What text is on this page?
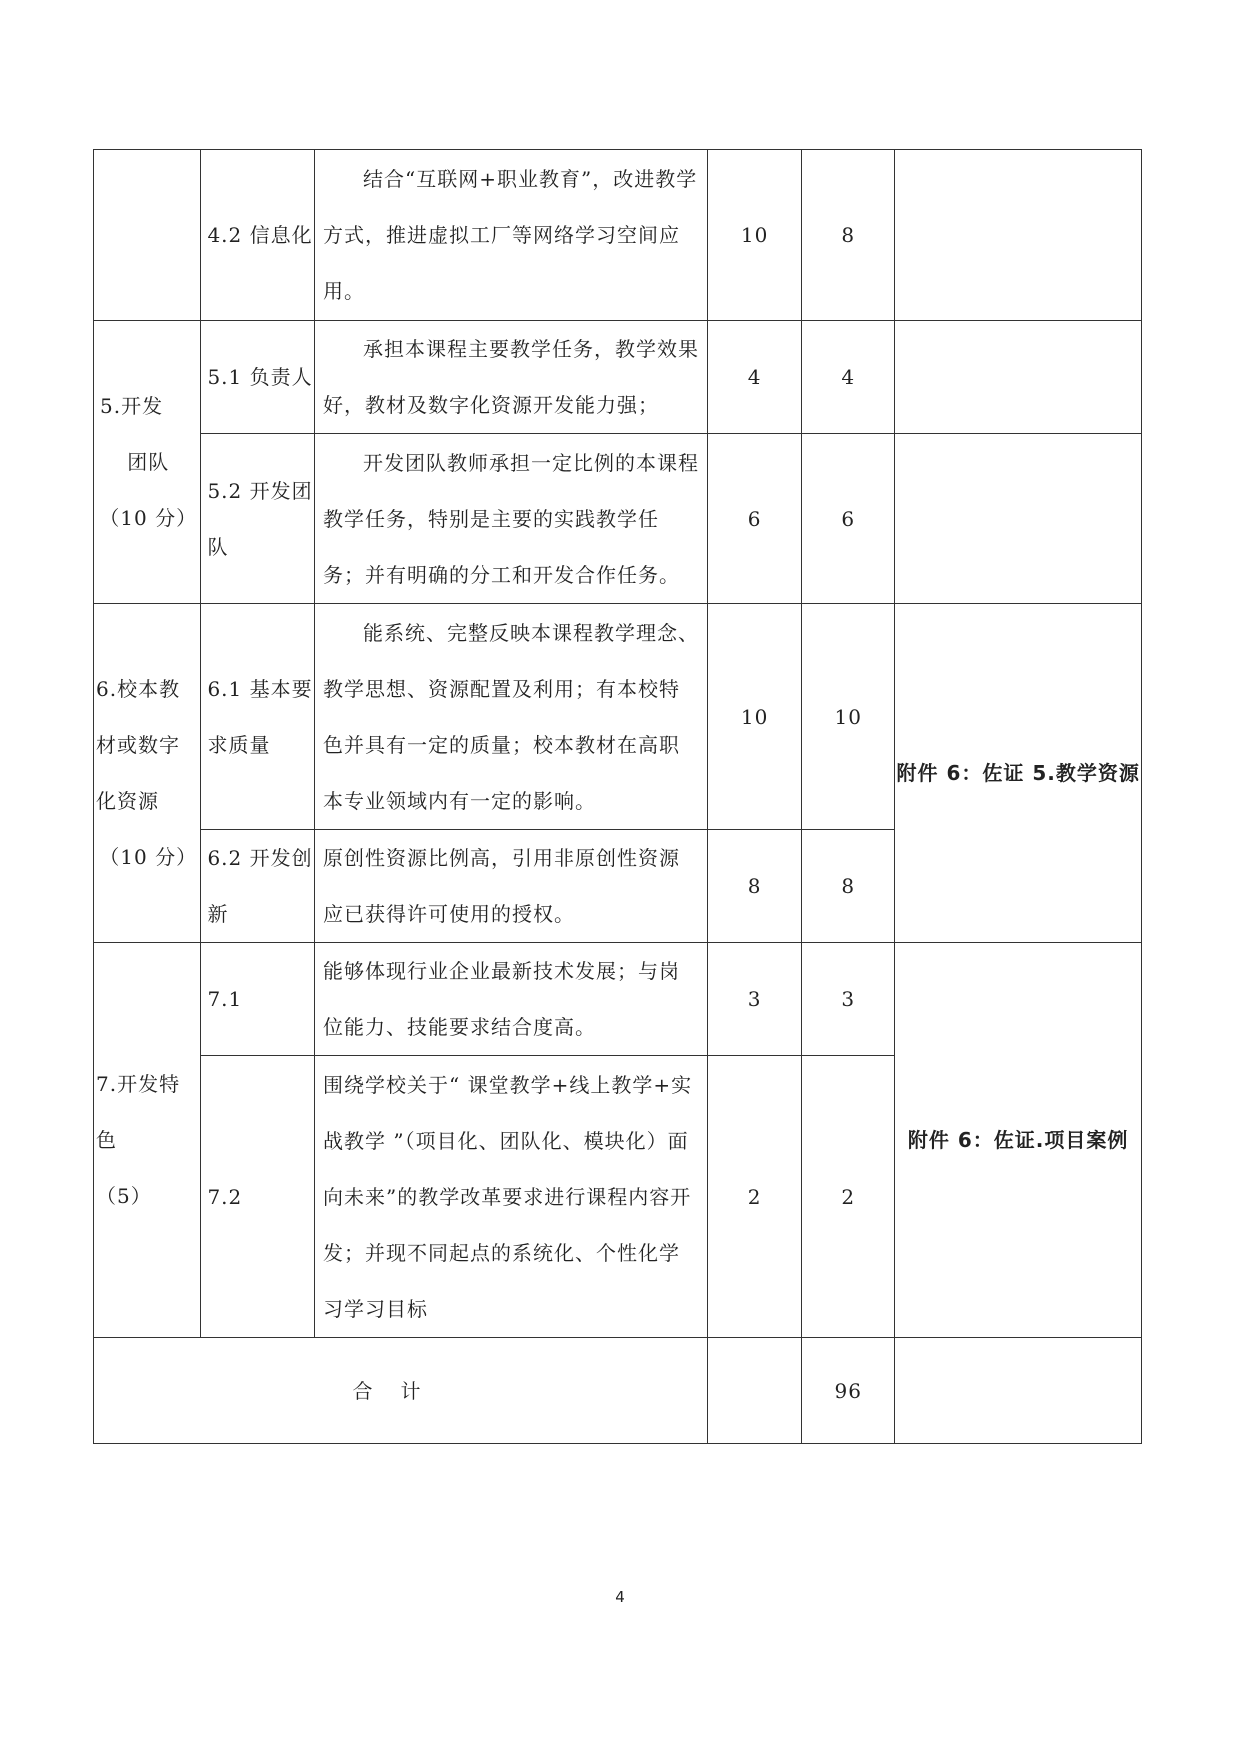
	4.2 信息化	结合“互联网+职业教育”，改进教学方式，推进虚拟工厂等网络学习空间应用。	10	8	

5.开发
团队
（10 分）	5.1 负责人	承担本课程主要教学任务，教学效果好，教材及数字化资源开发能力强；	4	4	
	5.2 开发团队	开发团队教师承担一定比例的本课程教学任务，特别是主要的实践教学任务；并有明确的分工和开发合作任务。	6	6	

6.校本教材或数字化资源
（10 分）	6.1 基本要求质量	能系统、完整反映本课程教学理念、教学思想、资源配置及利用；有本校特色并具有一定的质量；校本教材在高职本专业领域内有一定的影响。	10	10	附件 6：佐证 5.教学资源
	6.2 开发创新	原创性资源比例高，引用非原创性资源应已获得许可使用的授权。	8	8	

7.开发特色
（5）	7.1	能够体现行业企业最新技术发展；与岗位能力、技能要求结合度高。	3	3	附件 6：佐证.项目案例
	7.2	围绕学校关于“ 课堂教学+线上教学+实战教学 ”（项目化、团队化、模块化）面向未来”的教学改革要求进行课程内容开发；并现不同起点的系统化、个性化学习学习目标	2	2	
合计				96	
4
